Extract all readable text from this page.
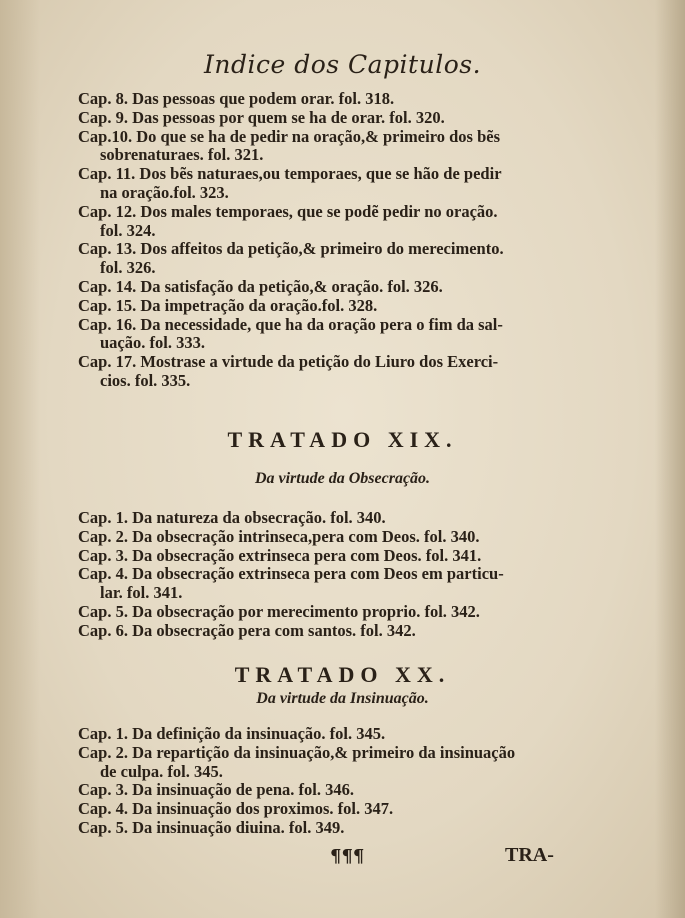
Indice dos Capitulos.
Cap. 8. Das pessoas que podem orar. fol. 318.
Cap. 9. Das pessoas por quem se ha de orar. fol. 320.
Cap.10. Do que se ha de pedir na oração,& primeiro dos bẽs
sobrenaturaes. fol. 321.
Cap. 11. Dos bẽs naturaes,ou temporaes, que se hão de pedir
na oração.fol. 323.
Cap. 12. Dos males temporaes, que se podẽ pedir no oração.
fol. 324.
Cap. 13. Dos affeitos da petição,& primeiro do merecimento.
fol. 326.
Cap. 14. Da satisfação da petição,& oração. fol. 326.
Cap. 15. Da impetração da oração.fol. 328.
Cap. 16. Da necessidade, que ha da oração pera o fim da sal-
uação. fol. 333.
Cap. 17. Mostrase a virtude da petição do Liuro dos Exerci-
cios. fol. 335.
TRATADO XIX.
Da virtude da Obsecração.
Cap. 1. Da natureza da obsecração. fol. 340.
Cap. 2. Da obsecração intrinseca,pera com Deos. fol. 340.
Cap. 3. Da obsecração extrinseca pera com Deos. fol. 341.
Cap. 4. Da obsecração extrinseca pera com Deos em particu-
lar. fol. 341.
Cap. 5. Da obsecração por merecimento proprio. fol. 342.
Cap. 6. Da obsecração pera com santos. fol. 342.
TRATADO XX.
Da virtude da Insinuação.
Cap. 1. Da definição da insinuação. fol. 345.
Cap. 2. Da repartição da insinuação,& primeiro da insinuação
de culpa. fol. 345.
Cap. 3. Da insinuação de pena. fol. 346.
Cap. 4. Da insinuação dos proximos. fol. 347.
Cap. 5. Da insinuação diuina. fol. 349.
¶¶¶	TRA-
